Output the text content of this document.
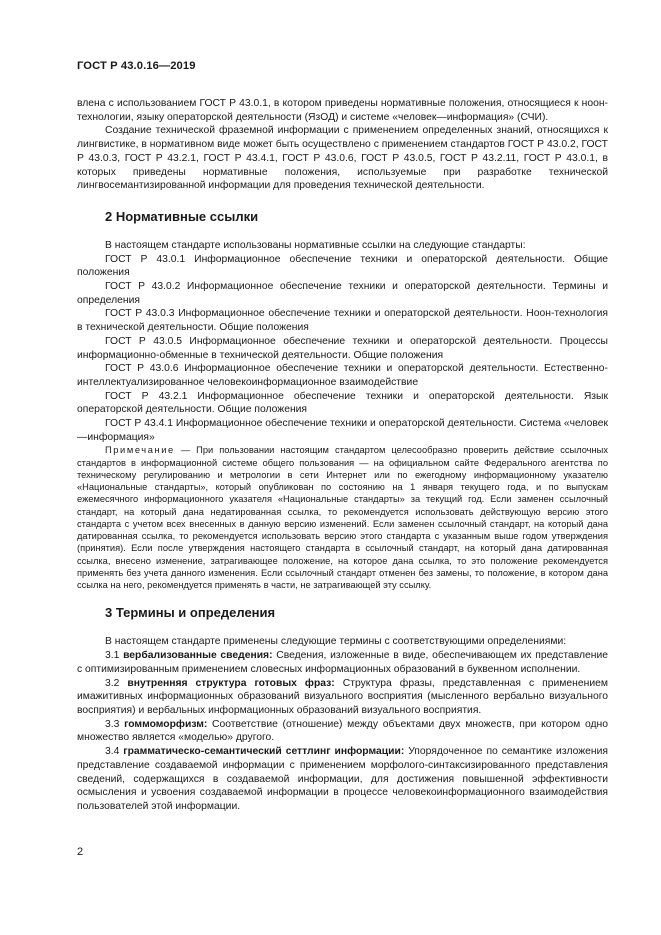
ГОСТ Р 43.0.16—2019

влена с использованием ГОСТ Р 43.0.1, в котором приведены нормативные положения, относящиеся к ноон-технологии, языку операторской деятельности (ЯзОД) и системе «человек—информация» (СЧИ).

Создание технической фраземной информации с применением определенных знаний, относящихся к лингвистике, в нормативном виде может быть осуществлено с применением стандартов ГОСТ Р 43.0.2, ГОСТ Р 43.0.3, ГОСТ Р 43.2.1, ГОСТ Р 43.4.1, ГОСТ Р 43.0.6, ГОСТ Р 43.0.5, ГОСТ Р 43.2.11, ГОСТ Р 43.0.1, в которых приведены нормативные положения, используемые при разработке технической лингвосемантизированной информации для проведения технической деятельности.

2 Нормативные ссылки

В настоящем стандарте использованы нормативные ссылки на следующие стандарты:

ГОСТ Р 43.0.1 Информационное обеспечение техники и операторской деятельности. Общие положения

ГОСТ Р 43.0.2 Информационное обеспечение техники и операторской деятельности. Термины и определения

ГОСТ Р 43.0.3 Информационное обеспечение техники и операторской деятельности. Ноон-технология в технической деятельности. Общие положения

ГОСТ Р 43.0.5 Информационное обеспечение техники и операторской деятельности. Процессы информационно-обменные в технической деятельности. Общие положения

ГОСТ Р 43.0.6 Информационное обеспечение техники и операторской деятельности. Естественно-интеллектуализированное человекоинформационное взаимодействие

ГОСТ Р 43.2.1 Информационное обеспечение техники и операторской деятельности. Язык операторской деятельности. Общие положения

ГОСТ Р 43.4.1 Информационное обеспечение техники и операторской деятельности. Система «человек—информация»

Примечание — При пользовании настоящим стандартом целесообразно проверить действие ссылочных стандартов в информационной системе общего пользования — на официальном сайте Федерального агентства по техническому регулированию и метрологии в сети Интернет или по ежегодному информационному указателю «Национальные стандарты», который опубликован по состоянию на 1 января текущего года, и по выпускам ежемесячного информационного указателя «Национальные стандарты» за текущий год. Если заменен ссылочный стандарт, на который дана недатированная ссылка, то рекомендуется использовать действующую версию этого стандарта с учетом всех внесенных в данную версию изменений. Если заменен ссылочный стандарт, на который дана датированная ссылка, то рекомендуется использовать версию этого стандарта с указанным выше годом утверждения (принятия). Если после утверждения настоящего стандарта в ссылочный стандарт, на который дана датированная ссылка, внесено изменение, затрагивающее положение, на которое дана ссылка, то это положение рекомендуется применять без учета данного изменения. Если ссылочный стандарт отменен без замены, то положение, в котором дана ссылка на него, рекомендуется применять в части, не затрагивающей эту ссылку.

3 Термины и определения

В настоящем стандарте применены следующие термины с соответствующими определениями:

3.1 вербализованные сведения: Сведения, изложенные в виде, обеспечивающем их представление с оптимизированным применением словесных информационных образований в буквенном исполнении.

3.2 внутренняя структура готовых фраз: Структура фразы, представленная с применением имажитивных информационных образований визуального восприятия (мысленного вербально визуального восприятия) и вербальных информационных образований визуального восприятия.

3.3 гоммоморфизм: Соответствие (отношение) между объектами двух множеств, при котором одно множество является «моделью» другого.

3.4 грамматическо-семантический сеттлинг информации: Упорядоченное по семантике изложения представление создаваемой информации с применением морфолого-синтаксизированного представления сведений, содержащихся в создаваемой информации, для достижения повышенной эффективности осмысления и усвоения создаваемой информации в процессе человекоинформационного взаимодействия пользователей этой информации.

2
